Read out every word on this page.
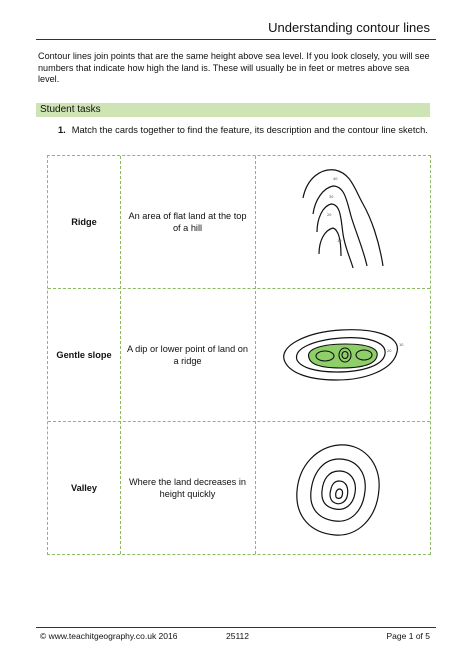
Understanding contour lines
Contour lines join points that are the same height above sea level. If you look closely, you will see numbers that indicate how high the land is. These will usually be in feet or metres above sea level.
Student tasks
1. Match the cards together to find the feature, its description and the contour line sketch.
Ridge
An area of flat land at the top of a hill
40
30
20
10
Gentle slope
A dip or lower point of land on a ridge
10
20
Valley
Where the land decreases in height quickly
© www.teachitgeography.co.uk 2016	25112	Page 1 of 5
